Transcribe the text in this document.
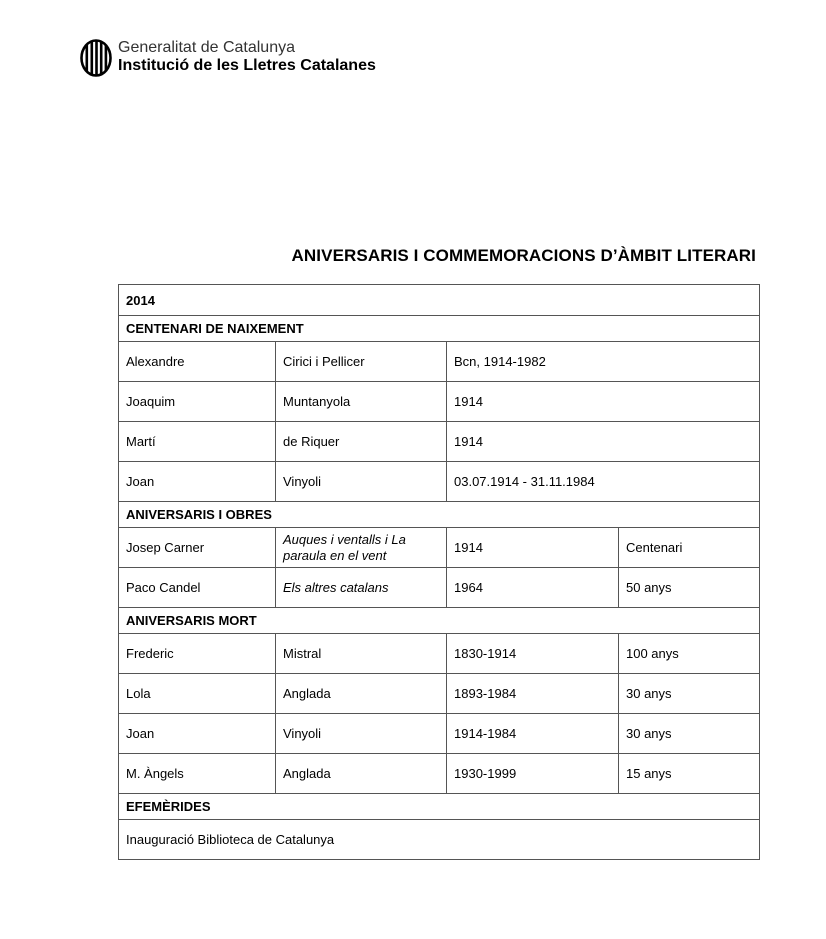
Generalitat de Catalunya
Institució de les Lletres Catalanes
ANIVERSARIS I COMMEMORACIONS D’ÀMBIT LITERARI
2014			
CENTENARI DE NAIXEMENT			
Alexandre	Cirici i Pellicer	Bcn, 1914-1982	
Joaquim	Muntanyola	1914	
Martí	de Riquer	1914	
Joan	Vinyoli	03.07.1914 - 31.11.1984	
ANIVERSARIS I OBRES			
Josep Carner	Auques i ventalls i La paraula en el vent	1914	Centenari
Paco Candel	Els altres catalans	1964	50 anys
ANIVERSARIS MORT			
Frederic	Mistral	1830-1914	100 anys
Lola	Anglada	1893-1984	30 anys
Joan	Vinyoli	1914-1984	30 anys
M. Àngels	Anglada	1930-1999	15 anys
EFEMÈRIDES			
Inauguració Biblioteca de Catalunya			
